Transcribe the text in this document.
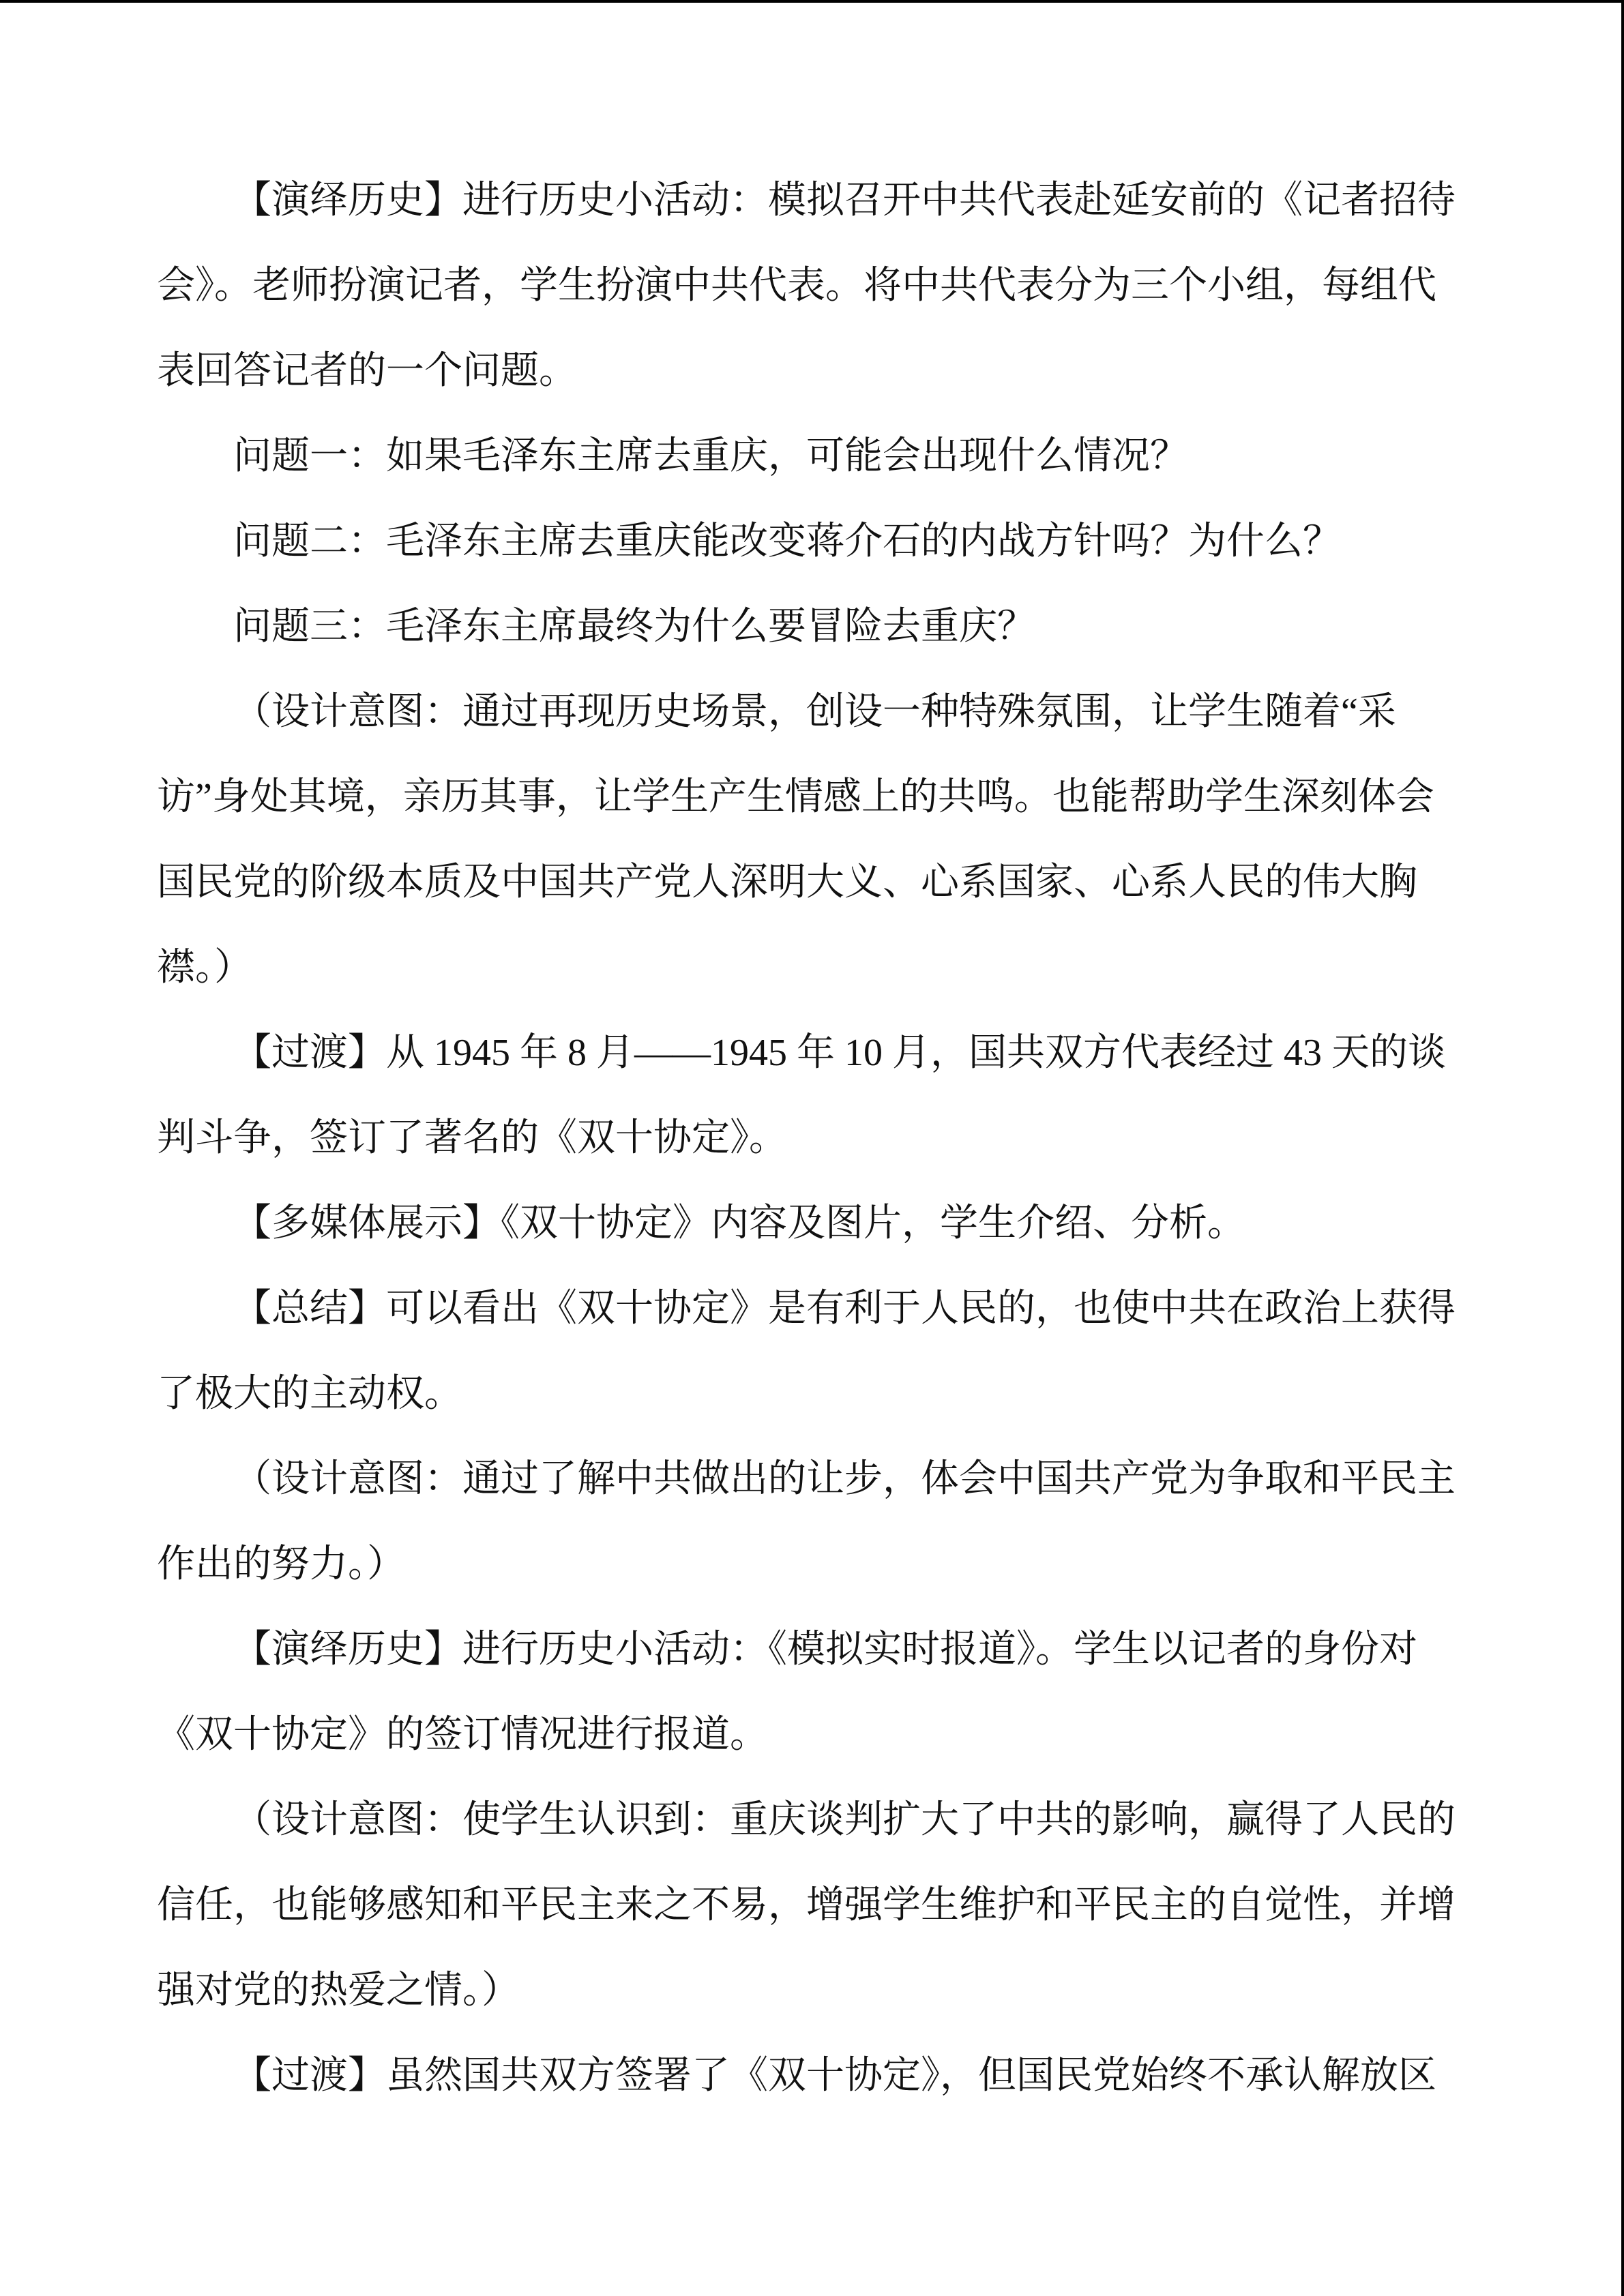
【演绎历史】进行历史小活动：模拟召开中共代表赴延安前的《记者招待
会》。老师扮演记者，学生扮演中共代表。将中共代表分为三个小组，每组代
表回答记者的一个问题。
问题一：如果毛泽东主席去重庆，可能会出现什么情况？
问题二：毛泽东主席去重庆能改变蒋介石的内战方针吗？为什么？
问题三：毛泽东主席最终为什么要冒险去重庆？
（设计意图：通过再现历史场景，创设一种特殊氛围，让学生随着“采
访”身处其境，亲历其事，让学生产生情感上的共鸣。也能帮助学生深刻体会
国民党的阶级本质及中国共产党人深明大义、心系国家、心系人民的伟大胸
襟。）
【过渡】从 1945 年 8 月——1945 年 10 月，国共双方代表经过 43 天的谈
判斗争，签订了著名的《双十协定》。
【多媒体展示】《双十协定》内容及图片，学生介绍、分析。
【总结】可以看出《双十协定》是有利于人民的，也使中共在政治上获得
了极大的主动权。
（设计意图：通过了解中共做出的让步，体会中国共产党为争取和平民主
作出的努力。）
【演绎历史】进行历史小活动：《模拟实时报道》。学生以记者的身份对
《双十协定》的签订情况进行报道。
（设计意图：使学生认识到：重庆谈判扩大了中共的影响，赢得了人民的
信任，也能够感知和平民主来之不易，增强学生维护和平民主的自觉性，并增
强对党的热爱之情。）
【过渡】虽然国共双方签署了《双十协定》，但国民党始终不承认解放区
